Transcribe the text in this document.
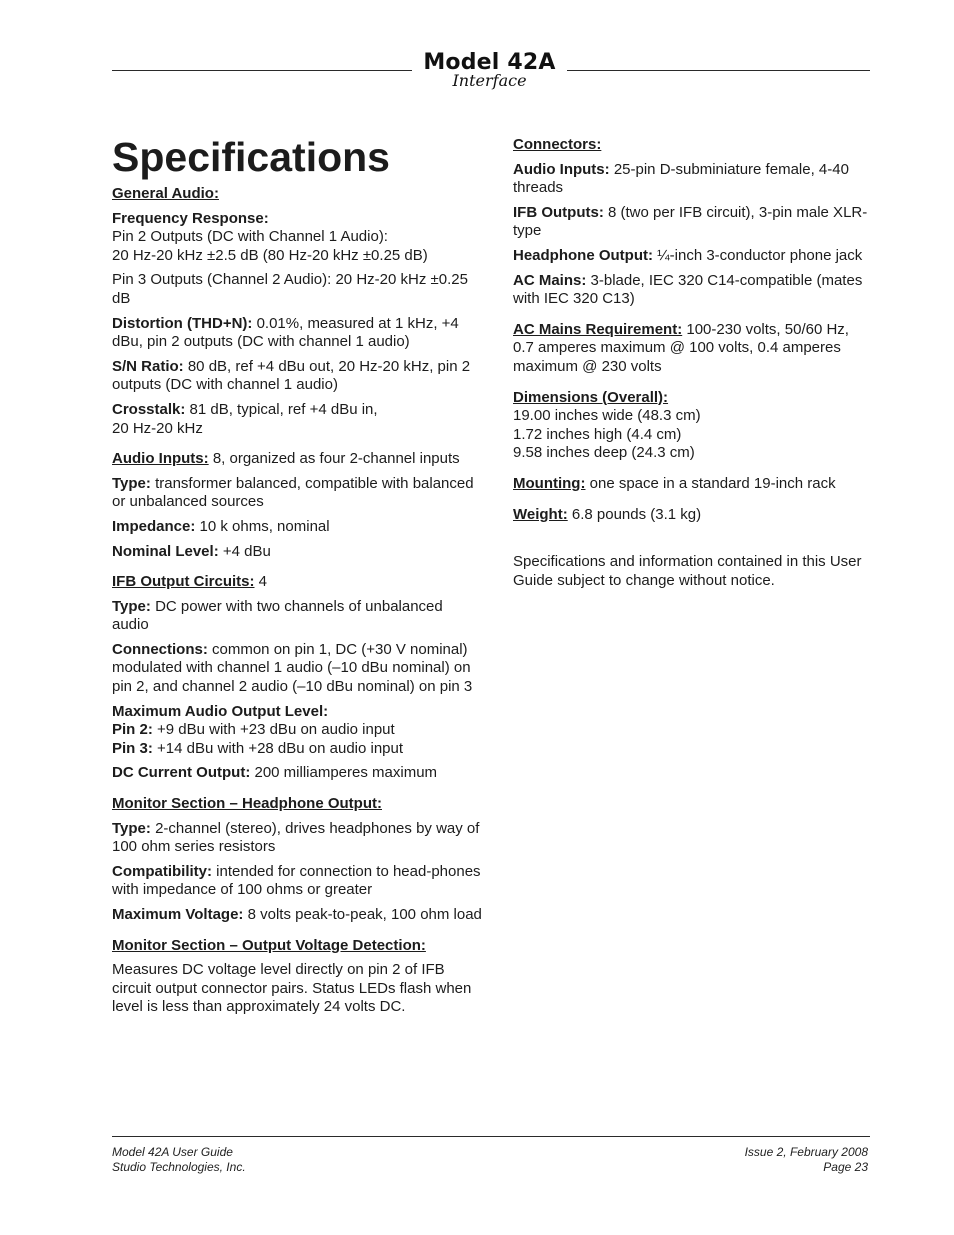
Model 42A
Interface
Specifications
General Audio:
Frequency Response:
Pin 2 Outputs (DC with Channel 1 Audio):
20 Hz-20 kHz ±2.5 dB (80 Hz-20 kHz ±0.25 dB)
Pin 3 Outputs (Channel 2 Audio): 20 Hz-20 kHz ±0.25 dB
Distortion (THD+N): 0.01%, measured at 1 kHz, +4 dBu, pin 2 outputs (DC with channel 1 audio)
S/N Ratio: 80 dB, ref +4 dBu out, 20 Hz-20 kHz, pin 2 outputs (DC with channel 1 audio)
Crosstalk: 81 dB, typical, ref +4 dBu in,
20 Hz-20 kHz
Audio Inputs: 8, organized as four 2-channel inputs
Type: transformer balanced, compatible with balanced or unbalanced sources
Impedance: 10 k ohms, nominal
Nominal Level: +4 dBu
IFB Output Circuits: 4
Type: DC power with two channels of unbalanced audio
Connections: common on pin 1, DC (+30 V nominal) modulated with channel 1 audio (–10 dBu nominal) on pin 2, and channel 2 audio (–10 dBu nominal) on pin 3
Maximum Audio Output Level:
Pin 2: +9 dBu with +23 dBu on audio input
Pin 3: +14 dBu with +28 dBu on audio input
DC Current Output: 200 milliamperes maximum
Monitor Section – Headphone Output:
Type: 2-channel (stereo), drives headphones by way of 100 ohm series resistors
Compatibility: intended for connection to head-phones with impedance of 100 ohms or greater
Maximum Voltage: 8 volts peak-to-peak, 100 ohm load
Monitor Section – Output Voltage Detection:
Measures DC voltage level directly on pin 2 of IFB circuit output connector pairs. Status LEDs flash when level is less than approximately 24 volts DC.
Connectors:
Audio Inputs: 25-pin D-subminiature female, 4-40 threads
IFB Outputs: 8 (two per IFB circuit), 3-pin male XLR-type
Headphone Output: ¼-inch 3-conductor phone jack
AC Mains: 3-blade, IEC 320 C14-compatible (mates with IEC 320 C13)
AC Mains Requirement: 100-230 volts, 50/60 Hz, 0.7 amperes maximum @ 100 volts, 0.4 amperes maximum @ 230 volts
Dimensions (Overall):
19.00 inches wide (48.3 cm)
1.72 inches high (4.4 cm)
9.58 inches deep (24.3 cm)
Mounting: one space in a standard 19-inch rack
Weight: 6.8 pounds (3.1 kg)
Specifications and information contained in this User Guide subject to change without notice.
Model 42A User Guide
Studio Technologies, Inc.
Issue 2, February 2008
Page 23
